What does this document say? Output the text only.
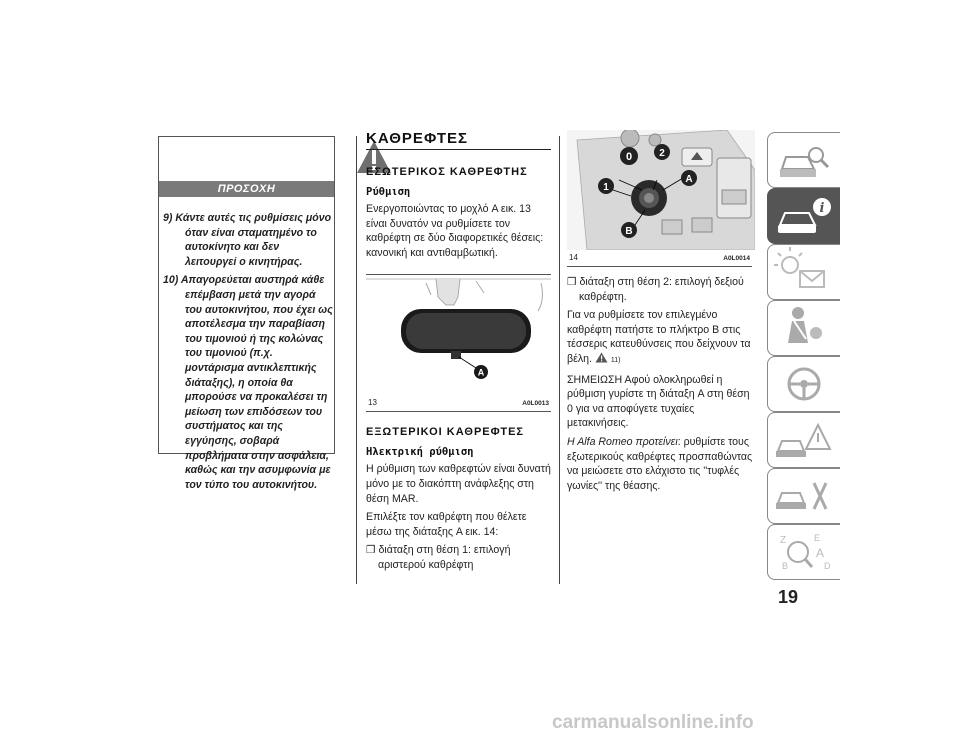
ΠΡΟΣΟΧΗ
9) Κάντε αυτές τις ρυθμίσεις μόνο όταν είναι σταματημένο το αυτοκίνητο και δεν λειτουργεί ο κινητήρας.
10) Απαγορεύεται αυστηρά κάθε επέμβαση μετά την αγορά του αυτοκινήτου, που έχει ως αποτέλεσμα την παραβίαση του τιμονιού ή της κολώνας του τιμονιού (π.χ. μοντάρισμα αντικλεπτικής διάταξης), η οποία θα μπορούσε να προκαλέσει τη μείωση των επιδόσεων του συστήματος και της εγγύησης, σοβαρά προβλήματα στην ασφάλεια, καθώς και την ασυμφωνία με τον τύπο του αυτοκινήτου.
ΚΑΘΡΕΦΤΕΣ
ΕΣΩΤΕΡΙΚΟΣ ΚΑΘΡΕΦΤΗΣ
Ρύθμιση
Ενεργοποιώντας το μοχλό A εικ. 13 είναι δυνατόν να ρυθμίσετε τον καθρέφτη σε δύο διαφορετικές θέσεις: κανονική και αντιθαμβωτική.
A
13	A0L0013
ΕΞΩΤΕΡΙΚΟΙ ΚΑΘΡΕΦΤΕΣ
Ηλεκτρική ρύθμιση
Η ρύθμιση των καθρεφτών είναι δυνατή μόνο με το διακόπτη ανάφλεξης στη θέση MAR.
Επιλέξτε τον καθρέφτη που θέλετε μέσω της διάταξης A εικ. 14:
❒ διάταξη στη θέση 1: επιλογή αριστερού καθρέφτη
0	2
1
A
B
14	A0L0014
❒ διάταξη στη θέση 2: επιλογή δεξιού καθρέφτη.
Για να ρυθμίσετε τον επιλεγμένο καθρέφτη πατήστε το πλήκτρο B στις τέσσερις κατευθύνσεις που δείχνουν τα βέλη.	11)
ΣΗΜΕΙΩΣΗ Αφού ολοκληρωθεί η ρύθμιση γυρίστε τη διάταξη A στη θέση 0 για να αποφύγετε τυχαίες μετακινήσεις.
H Alfa Romeo προτείνει: ρυθμίστε τους εξωτερικούς καθρέφτες προσπαθώντας να μειώσετε στο ελάχιστο τις ''τυφλές γωνίες'' της θέασης.
i
Z	E
A
B	D
19
carmanualsonline.info
